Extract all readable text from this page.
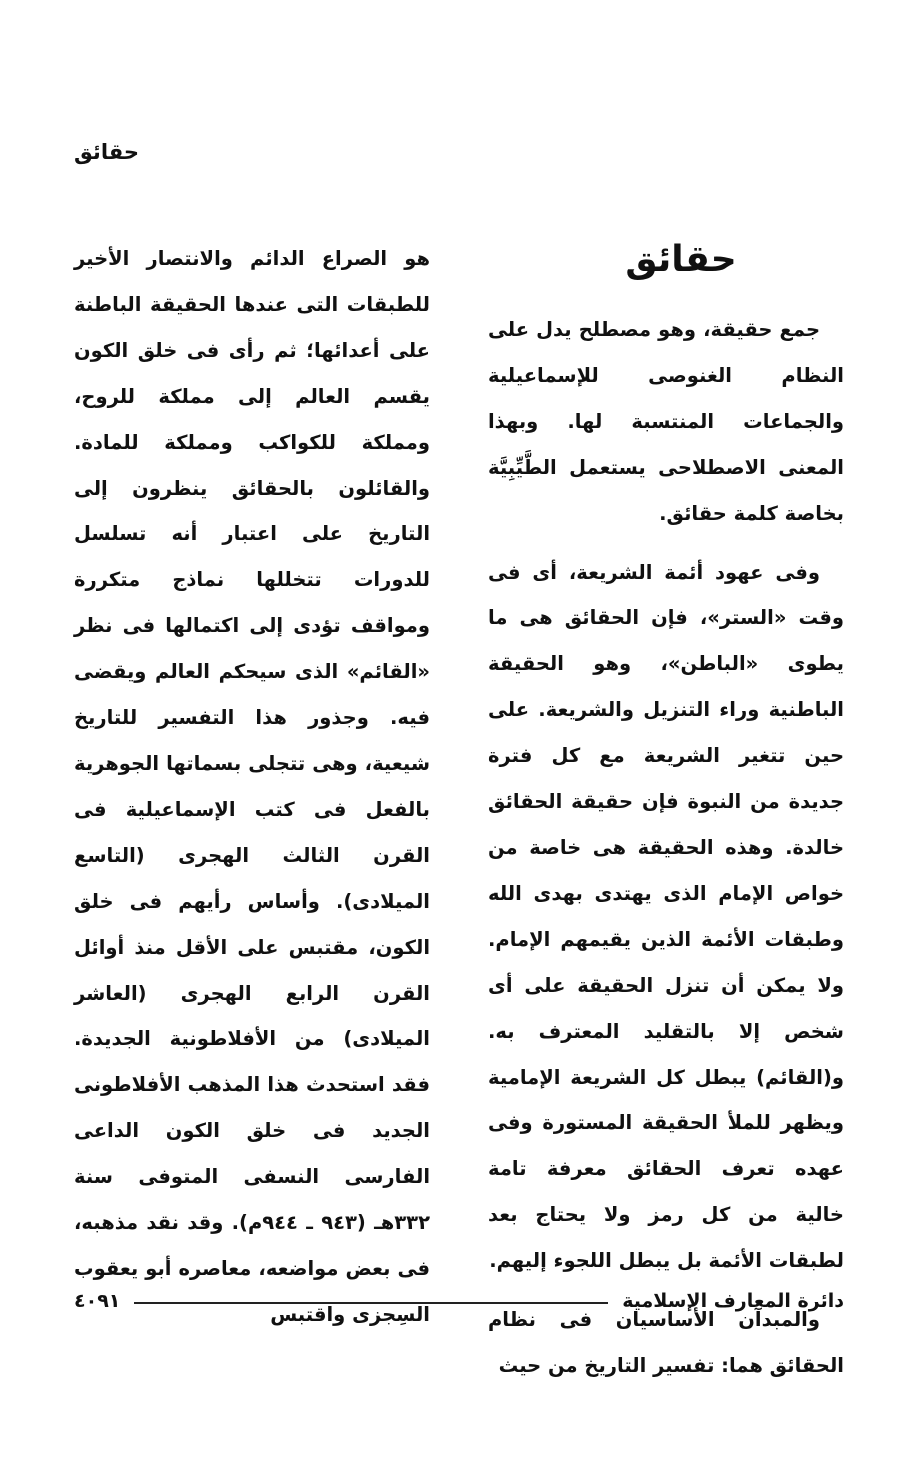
حقائق
حقائق

جمع حقيقة، وهو مصطلح يدل على النظام الغنوصى للإسماعيلية والجماعات المنتسبة لها. وبهذا المعنى الاصطلاحى يستعمل الطَّيِّبِيَّة بخاصة كلمة حقائق.

وفى عهود أئمة الشريعة، أى فى وقت «الستر»، فإن الحقائق هى ما يطوى «الباطن»، وهو الحقيقة الباطنية وراء التنزيل والشريعة. على حين تتغير الشريعة مع كل فترة جديدة من النبوة فإن حقيقة الحقائق خالدة. وهذه الحقيقة هى خاصة من خواص الإمام الذى يهتدى بهدى الله وطبقات الأئمة الذين يقيمهم الإمام. ولا يمكن أن تنزل الحقيقة على أى شخص إلا بالتقليد المعترف به. و(القائم) يبطل كل الشريعة الإمامية ويظهر للملأ الحقيقة المستورة وفى عهده تعرف الحقائق معرفة تامة خالية من كل رمز ولا يحتاج بعد لطبقات الأئمة بل يبطل اللجوء إليهم.

والمبدآن الأساسيان فى نظام الحقائق هما: تفسير التاريخ من حيث

هو الصراع الدائم والانتصار الأخير للطبقات التى عندها الحقيقة الباطنة على أعدائها؛ ثم رأى فى خلق الكون يقسم العالم إلى مملكة للروح، ومملكة للكواكب ومملكة للمادة. والقائلون بالحقائق ينظرون إلى التاريخ على اعتبار أنه تسلسل للدورات تتخللها نماذج متكررة ومواقف تؤدى إلى اكتمالها فى نظر «القائم» الذى سيحكم العالم ويقضى فيه. وجذور هذا التفسير للتاريخ شيعية، وهى تتجلى بسماتها الجوهرية بالفعل فى كتب الإسماعيلية فى القرن الثالث الهجرى (التاسع الميلادى). وأساس رأيهم فى خلق الكون، مقتبس على الأقل منذ أوائل القرن الرابع الهجرى (العاشر الميلادى) من الأفلاطونية الجديدة. فقد استحدث هذا المذهب الأفلاطونى الجديد فى خلق الكون الداعى الفارسى النسفى المتوفى سنة ٣٣٢هـ (٩٤٣ ـ ٩٤٤م). وقد نقد مذهبه، فى بعض مواضعه، معاصره أبو يعقوب السِجزى واقتبس

دائرة المعارف الإسلامية
٤٠٩١
